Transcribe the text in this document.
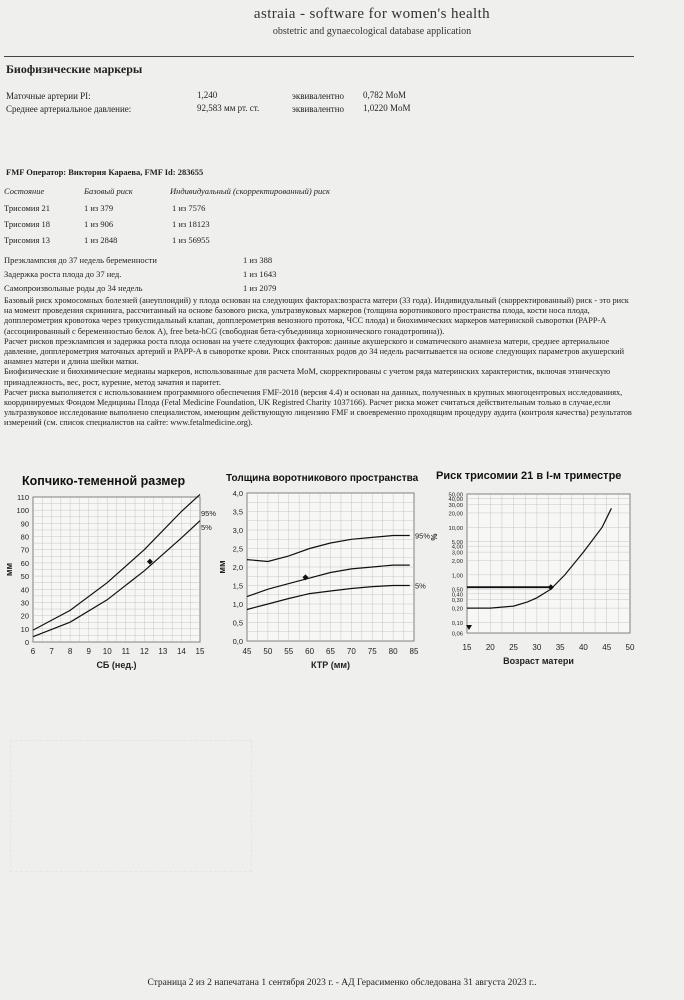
astraia - software for women's health
obstetric and gynaecological database application
Биофизические маркеры
Маточные артерии PI:	1,240	эквивалентно 0,782 MoM
Среднее артериальное давление:	92,583 мм рт. ст.	эквивалентно 1,0220 MoM
FMF Оператор: Виктория Караева, FMF Id: 283655
Состояние	Базовый риск	Индивидуальный (скорректированный) риск
Трисомия 21	1 из 379	1 из 7576
Трисомия 18	1 из 906	1 из 18123
Трисомия 13	1 из 2848	1 из 56955
Преэклампсия до 37 недель беременности	1 из 388
Задержка роста плода до 37 нед.	1 из 1643
Самопроизвольные роды до 34 недель	1 из 2079

Базовый риск хромосомных болезней (анеуплоидий) у плода основан на следующих факторах:возраста матери (33 года). Индивидуальный (скорректированный) риск - это риск на момент проведения скрининга, рассчитанный на основе базового риска, ультразвуковых маркеров (толщина воротникового пространства плода, кости носа плода, допплерометрия кровотока через трикуспидальный клапан, допплерометрия венозного протока, ЧСС плода) и биохимических маркеров материнской сыворотки (PAPP-A (ассоциированный с беременностью белок А), free beta-hCG (свободная бета-субъединица хорионического гонадотропина)).

Расчет рисков преэклампсия и задержка роста плода основан на учете следующих факторов: данные акушерского и соматического анамнеза матери, среднее артериальное давление, допплерометрия маточных артерий и PAPP-A в сыворотке крови. Риск спонтанных родов до 34 недель расчитывается на основе следующих параметров акушерский анамнез матери и длина шейки матки.

Биофизические и биохимические медианы маркеров, использованные для расчета MoM, скорректированы с учетом ряда материнских характеристик, включая этническую принадлежность, вес, рост, курение, метод зачатия и паритет.

Расчет риска выполняется с использованием программного обеспечения FMF-2018 (версия 4.4) и основан на данных, полученных в крупных многоцентровых исследованиях, координируемых Фондом Медицины Плода (Fetal Medicine Foundation, UK Registred Charity 1037166). Расчет риска может считаться действительным только в случае,если ультразвуковое исследование выполнено специалистом, имеющим действующую лицензию FMF и своевременно проходящим процедуру аудита (контроля качества) результатов измерений (см. список специалистов на сайте: www.fetalmedicine.org).

Копчико-теменной размер	Толщина воротникового пространства Риск трисомии 21 в I-м триместре
6 7 8 9 10 11 12 13 14 15
0
10
20
30
40
50
60
70
80
90
100
110
СБ (нед.)
мм
95%
5%
45 50 55 60 65 70 75 80 85
0,0
0,5
1,0
1,5
2,0
2,5
3,0
3,5
4,0
КТР (мм)
мм
95%
5%
0,06
0,10
0,20
0,30
0,40
0,50
1,00
2,00
3,00
4,00
5,00
10,00
20,00
30,00
40,00
50,00
15 20 25 30 35 40 45 50
Возраст матери
%
Страница 2 из 2 напечатана 1 сентября 2023 г. - АД Герасименко обследована 31 августа 2023 г..
